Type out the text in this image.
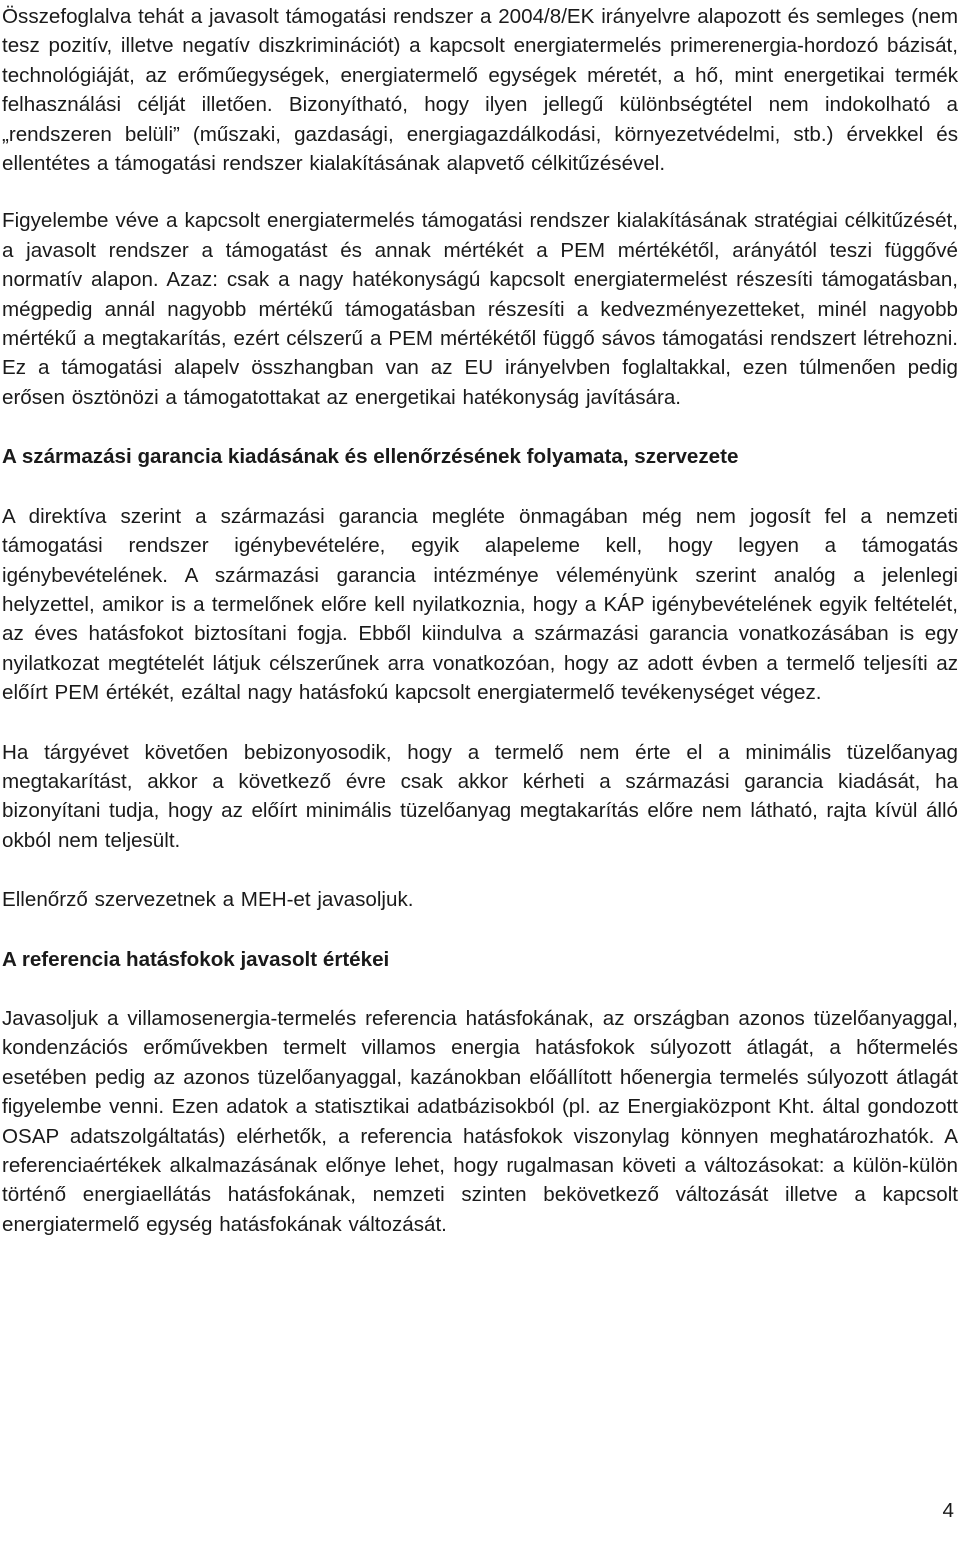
Összefoglalva tehát a javasolt támogatási rendszer a 2004/8/EK irányelvre alapozott és semleges (nem tesz pozitív, illetve negatív diszkriminációt) a kapcsolt energiatermelés primerenergia-hordozó bázisát, technológiáját, az erőműegységek, energiatermelő egységek méretét, a hő, mint energetikai termék felhasználási célját illetően. Bizonyítható, hogy ilyen jellegű különbségtétel nem indokolható a „rendszeren belüli” (műszaki, gazdasági, energiagazdálkodási, környezetvédelmi, stb.) érvekkel és ellentétes a támogatási rendszer kialakításának alapvető célkitűzésével.

Figyelembe véve a kapcsolt energiatermelés támogatási rendszer kialakításának stratégiai célkitűzését, a javasolt rendszer a támogatást és annak mértékét a PEM mértékétől, arányától teszi függővé normatív alapon. Azaz: csak a nagy hatékonyságú kapcsolt energiatermelést részesíti támogatásban, mégpedig annál nagyobb mértékű támogatásban részesíti a kedvezményezetteket, minél nagyobb mértékű a megtakarítás, ezért célszerű a PEM mértékétől függő sávos támogatási rendszert létrehozni. Ez a támogatási alapelv összhangban van az EU irányelvben foglaltakkal, ezen túlmenően pedig erősen ösztönözi a támogatottakat az energetikai hatékonyság javítására.

A származási garancia kiadásának és ellenőrzésének folyamata, szervezete

A direktíva szerint a származási garancia megléte önmagában még nem jogosít fel a nemzeti támogatási rendszer igénybevételére, egyik alapeleme kell, hogy legyen a támogatás igénybevételének. A származási garancia intézménye véleményünk szerint analóg a jelenlegi helyzettel, amikor is a termelőnek előre kell nyilatkoznia, hogy a KÁP igénybevételének egyik feltételét, az éves hatásfokot biztosítani fogja. Ebből kiindulva a származási garancia vonatkozásában is egy nyilatkozat megtételét látjuk célszerűnek arra vonatkozóan, hogy az adott évben a termelő teljesíti az előírt PEM értékét, ezáltal nagy hatásfokú kapcsolt energiatermelő tevékenységet végez.

Ha tárgyévet követően bebizonyosodik, hogy a termelő nem érte el a minimális tüzelőanyag megtakarítást, akkor a következő évre csak akkor kérheti a származási garancia kiadását, ha bizonyítani tudja, hogy az előírt minimális tüzelőanyag megtakarítás előre nem látható, rajta kívül álló okból nem teljesült.

Ellenőrző szervezetnek a MEH-et javasoljuk.

A referencia hatásfokok javasolt értékei

Javasoljuk a villamosenergia-termelés referencia hatásfokának, az országban azonos tüzelőanyaggal, kondenzációs erőművekben termelt villamos energia hatásfokok súlyozott átlagát, a hőtermelés esetében pedig az azonos tüzelőanyaggal, kazánokban előállított hőenergia termelés súlyozott átlagát figyelembe venni. Ezen adatok a statisztikai adatbázisokból (pl. az Energiaközpont Kht. által gondozott OSAP adatszolgáltatás) elérhetők, a referencia hatásfokok viszonylag könnyen meghatározhatók. A referenciaértékek alkalmazásának előnye lehet, hogy rugalmasan követi a változásokat: a külön-külön történő energiaellátás hatásfokának, nemzeti szinten bekövetkező változását illetve a kapcsolt energiatermelő egység hatásfokának változását.

4
